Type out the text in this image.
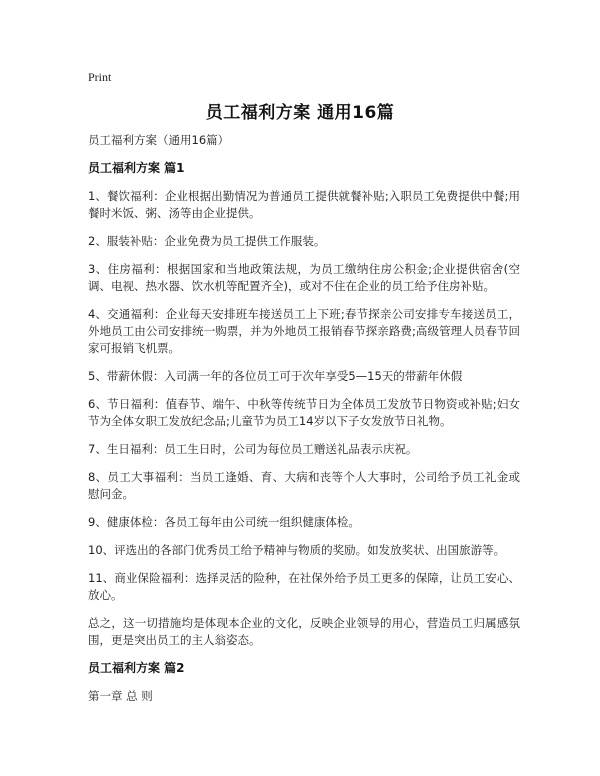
Print
员工福利方案 通用16篇

员工福利方案（通用16篇）

员工福利方案 篇1

1、餐饮福利：企业根据出勤情况为普通员工提供就餐补贴;入职员工免费提供中餐;用餐时米饭、粥、汤等由企业提供。

2、服装补贴：企业免费为员工提供工作服装。

3、住房福利：根据国家和当地政策法规，为员工缴纳住房公积金;企业提供宿舍(空调、电视、热水器、饮水机等配置齐全)，或对不住在企业的员工给予住房补贴。

4、交通福利：企业每天安排班车接送员工上下班;春节探亲公司安排专车接送员工，外地员工由公司安排统一购票，并为外地员工报销春节探亲路费;高级管理人员春节回家可报销飞机票。

5、带薪休假：入司满一年的各位员工可于次年享受5—15天的带薪年休假

6、节日福利：值春节、端午、中秋等传统节日为全体员工发放节日物资或补贴;妇女节为全体女职工发放纪念品;儿童节为员工14岁以下子女发放节日礼物。

7、生日福利：员工生日时，公司为每位员工赠送礼品表示庆祝。

8、员工大事福利：当员工逢婚、育、大病和丧等个人大事时，公司给予员工礼金或慰问金。

9、健康体检：各员工每年由公司统一组织健康体检。

10、评选出的各部门优秀员工给予精神与物质的奖励。如发放奖状、出国旅游等。

11、商业保险福利：选择灵活的险种，在社保外给予员工更多的保障，让员工安心、放心。

总之，这一切措施均是体现本企业的文化，反映企业领导的用心，营造员工归属感氛围，更是突出员工的主人翁姿态。

员工福利方案 篇2

第一章 总 则
